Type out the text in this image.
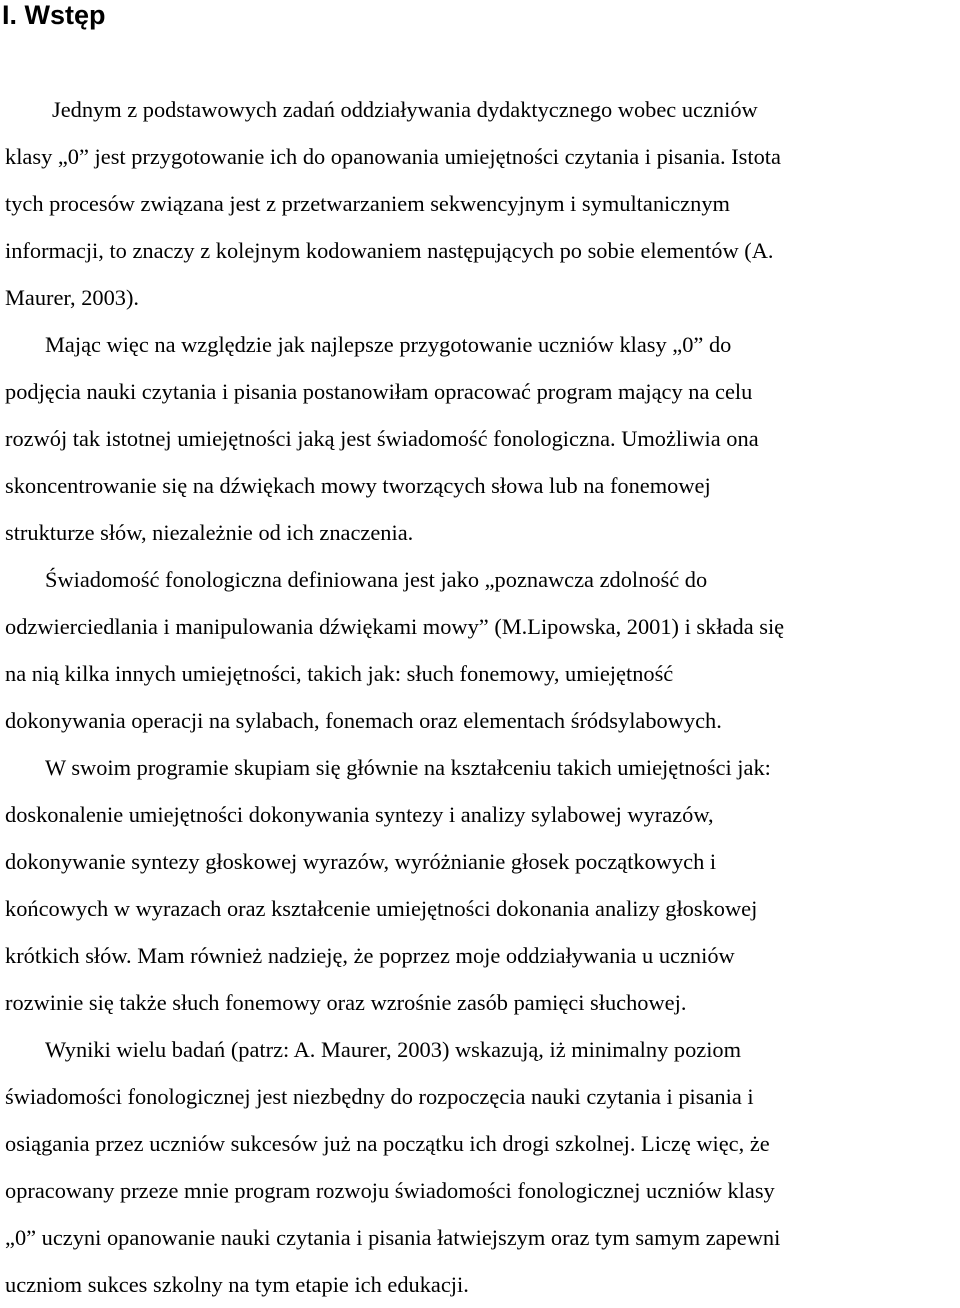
I. Wstęp

Jednym z podstawowych zadań oddziaływania dydaktycznego wobec uczniów

klasy „0” jest przygotowanie ich do opanowania umiejętności czytania i pisania. Istota

tych procesów związana jest z przetwarzaniem sekwencyjnym i symultanicznym

informacji, to znaczy z kolejnym kodowaniem następujących po sobie elementów (A.

Maurer, 2003).

Mając więc na względzie jak najlepsze przygotowanie uczniów klasy „0” do

podjęcia nauki czytania i pisania postanowiłam opracować program mający na celu

rozwój tak istotnej umiejętności jaką jest świadomość fonologiczna. Umożliwia ona

skoncentrowanie się na dźwiękach mowy tworzących słowa lub na fonemowej

strukturze słów, niezależnie od ich znaczenia.

Świadomość fonologiczna definiowana jest jako „poznawcza zdolność do

odzwierciedlania i manipulowania dźwiękami mowy” (M.Lipowska, 2001) i składa się

na nią kilka innych umiejętności, takich jak: słuch fonemowy, umiejętność

dokonywania operacji na sylabach, fonemach oraz elementach śródsylabowych.

W swoim programie skupiam się głównie na kształceniu takich umiejętności jak:

doskonalenie umiejętności dokonywania syntezy i analizy sylabowej wyrazów,

dokonywanie syntezy głoskowej wyrazów, wyróżnianie głosek początkowych i

końcowych w wyrazach oraz kształcenie umiejętności dokonania analizy głoskowej

krótkich słów. Mam również nadzieję, że poprzez moje oddziaływania u uczniów

rozwinie się także słuch fonemowy oraz wzrośnie zasób pamięci słuchowej.

Wyniki wielu badań (patrz: A. Maurer, 2003) wskazują, iż minimalny poziom

świadomości fonologicznej jest niezbędny do rozpoczęcia nauki czytania i pisania i

osiągania przez uczniów sukcesów już na początku ich drogi szkolnej. Liczę więc, że

opracowany przeze mnie program rozwoju świadomości fonologicznej uczniów klasy

„0” uczyni opanowanie nauki czytania i pisania łatwiejszym oraz tym samym zapewni

uczniom sukces szkolny na tym etapie ich edukacji.
